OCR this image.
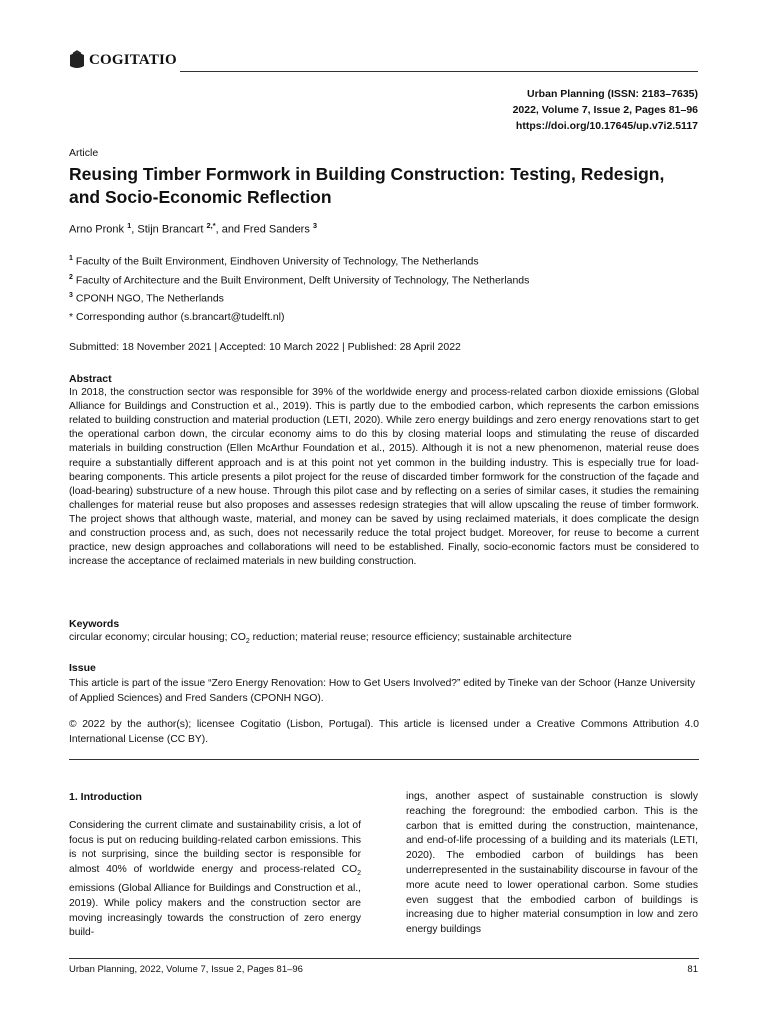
COGITATIO
Urban Planning (ISSN: 2183–7635)
2022, Volume 7, Issue 2, Pages 81–96
https://doi.org/10.17645/up.v7i2.5117
Article
Reusing Timber Formwork in Building Construction: Testing, Redesign, and Socio-Economic Reflection
Arno Pronk $^1$, Stijn Brancart $^{2,*}$, and Fred Sanders $^3$
$^1$ Faculty of the Built Environment, Eindhoven University of Technology, The Netherlands
$^2$ Faculty of Architecture and the Built Environment, Delft University of Technology, The Netherlands
$^3$ CPONH NGO, The Netherlands
* Corresponding author (s.brancart@tudelft.nl)
Submitted: 18 November 2021 | Accepted: 10 March 2022 | Published: 28 April 2022
Abstract

In 2018, the construction sector was responsible for 39% of the worldwide energy and process-related carbon dioxide emissions (Global Alliance for Buildings and Construction et al., 2019). This is partly due to the embodied carbon, which represents the carbon emissions related to building construction and material production (LETI, 2020). While zero energy buildings and zero energy renovations start to get the operational carbon down, the circular economy aims to do this by closing material loops and stimulating the reuse of discarded materials in building construction (Ellen McArthur Foundation et al., 2015). Although it is not a new phenomenon, material reuse does require a substantially different approach and is at this point not yet common in the building industry. This is especially true for load-bearing components. This article presents a pilot project for the reuse of discarded timber formwork for the construction of the façade and (load-bearing) substructure of a new house. Through this pilot case and by reflecting on a series of similar cases, it studies the remaining challenges for material reuse but also proposes and assesses redesign strategies that will allow upscaling the reuse of timber formwork. The project shows that although waste, material, and money can be saved by using reclaimed materials, it does complicate the design and construction process and, as such, does not necessarily reduce the total project budget. Moreover, for reuse to become a current practice, new design approaches and collaborations will need to be established. Finally, socio-economic factors must be considered to increase the acceptance of reclaimed materials in new building construction.

Keywords
circular economy; circular housing; $CO_2$ reduction; material reuse; resource efficiency; sustainable architecture
Issue
This article is part of the issue “Zero Energy Renovation: How to Get Users Involved?” edited by Tineke van der Schoor (Hanze University of Applied Sciences) and Fred Sanders (CPONH NGO).

© 2022 by the author(s); licensee Cogitatio (Lisbon, Portugal). This article is licensed under a Creative Commons Attribution 4.0 International License (CC BY).

1. Introduction

Considering the current climate and sustainability crisis, a lot of focus is put on reducing building-related carbon emissions. This is not surprising, since the building sector is responsible for almost 40% of worldwide energy and process-related $CO_2$ emissions (Global Alliance for Buildings and Construction et al., 2019). While policy makers and the construction sector are moving increasingly towards the construction of zero energy build-

ings, another aspect of sustainable construction is slowly reaching the foreground: the embodied carbon. This is the carbon that is emitted during the construction, maintenance, and end-of-life processing of a building and its materials (LETI, 2020). The embodied carbon of buildings has been underrepresented in the sustainability discourse in favour of the more acute need to lower operational carbon. Some studies even suggest that the embodied carbon of buildings is increasing due to higher material consumption in low and zero energy buildings

Urban Planning, 2022, Volume 7, Issue 2, Pages 81–96	81
